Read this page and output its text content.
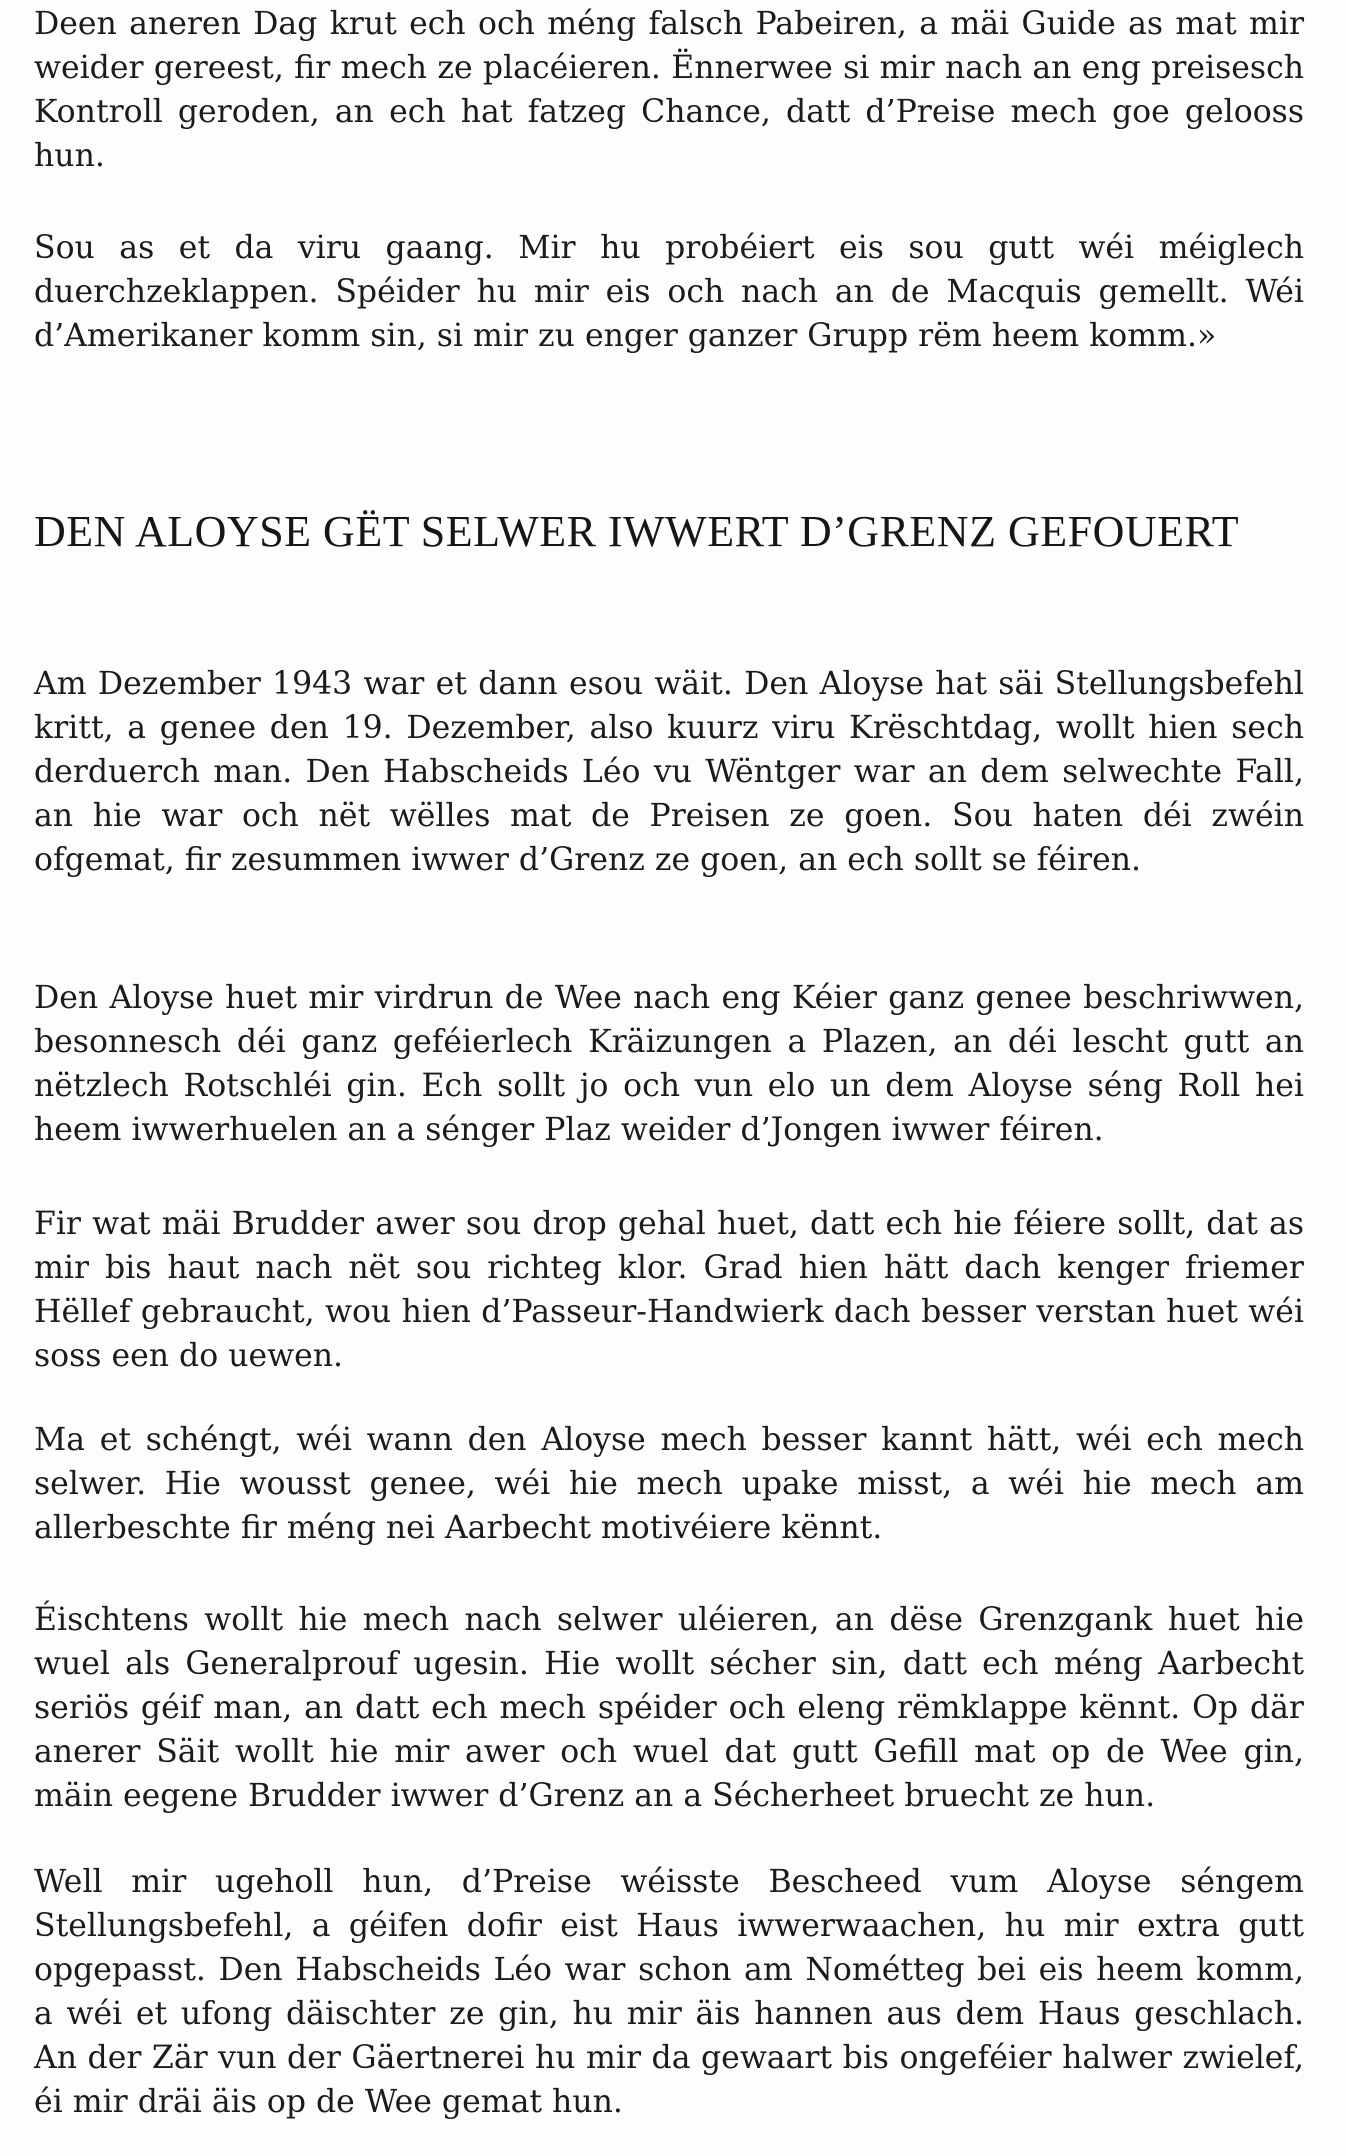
Deen aneren Dag krut ech och méng falsch Pabeiren, a mäi Guide as mat mir weider gereest, fir mech ze placéieren. Ënnerwee si mir nach an eng preisesch Kontroll geroden, an ech hat fatzeg Chance, datt d’Preise mech goe gelooss hun.

Sou as et da viru gaang. Mir hu probéiert eis sou gutt wéi méiglech duerchzeklappen. Spéider hu mir eis och nach an de Macquis gemellt. Wéi d’Amerikaner komm sin, si mir zu enger ganzer Grupp rëm heem komm.»

DEN ALOYSE GËT SELWER IWWERT D’GRENZ GEFOUERT

Am Dezember 1943 war et dann esou wäit. Den Aloyse hat säi Stellungsbefehl kritt, a genee den 19. Dezember, also kuurz viru Krëschtdag, wollt hien sech derduerch man. Den Habscheids Léo vu Wëntger war an dem selwechte Fall, an hie war och nët wëlles mat de Preisen ze goen. Sou haten déi zwéin ofgemat, fir zesummen iwwer d’Grenz ze goen, an ech sollt se féiren.

Den Aloyse huet mir virdrun de Wee nach eng Kéier ganz genee beschriwwen, besonnesch déi ganz geféierlech Kräizungen a Plazen, an déi lescht gutt an nëtzlech Rotschléi gin. Ech sollt jo och vun elo un dem Aloyse séng Roll hei heem iwwerhuelen an a sénger Plaz weider d’Jongen iwwer féiren.

Fir wat mäi Brudder awer sou drop gehal huet, datt ech hie féiere sollt, dat as mir bis haut nach nët sou richteg klor. Grad hien hätt dach kenger friemer Hëllef gebraucht, wou hien d’Passeur-Handwierk dach besser verstan huet wéi soss een do uewen.

Ma et schéngt, wéi wann den Aloyse mech besser kannt hätt, wéi ech mech selwer. Hie wousst genee, wéi hie mech upake misst, a wéi hie mech am allerbeschte fir méng nei Aarbecht motivéiere kënnt.

Éischtens wollt hie mech nach selwer uléieren, an dëse Grenzgank huet hie wuel als Generalprouf ugesin. Hie wollt sécher sin, datt ech méng Aarbecht seriös géif man, an datt ech mech spéider och eleng rëmklappe kënnt. Op där anerer Säit wollt hie mir awer och wuel dat gutt Gefill mat op de Wee gin, mäin eegene Brudder iwwer d’Grenz an a Sécherheet bruecht ze hun.

Well mir ugeholl hun, d’Preise wéisste Bescheed vum Aloyse séngem Stellungsbefehl, a géifen dofir eist Haus iwwerwaachen, hu mir extra gutt opgepasst. Den Habscheids Léo war schon am Nométteg bei eis heem komm, a wéi et ufong däischter ze gin, hu mir äis hannen aus dem Haus geschlach. An der Zär vun der Gäertnerei hu mir da gewaart bis ongeféier halwer zwielef, éi mir dräi äis op de Wee gemat hun.
